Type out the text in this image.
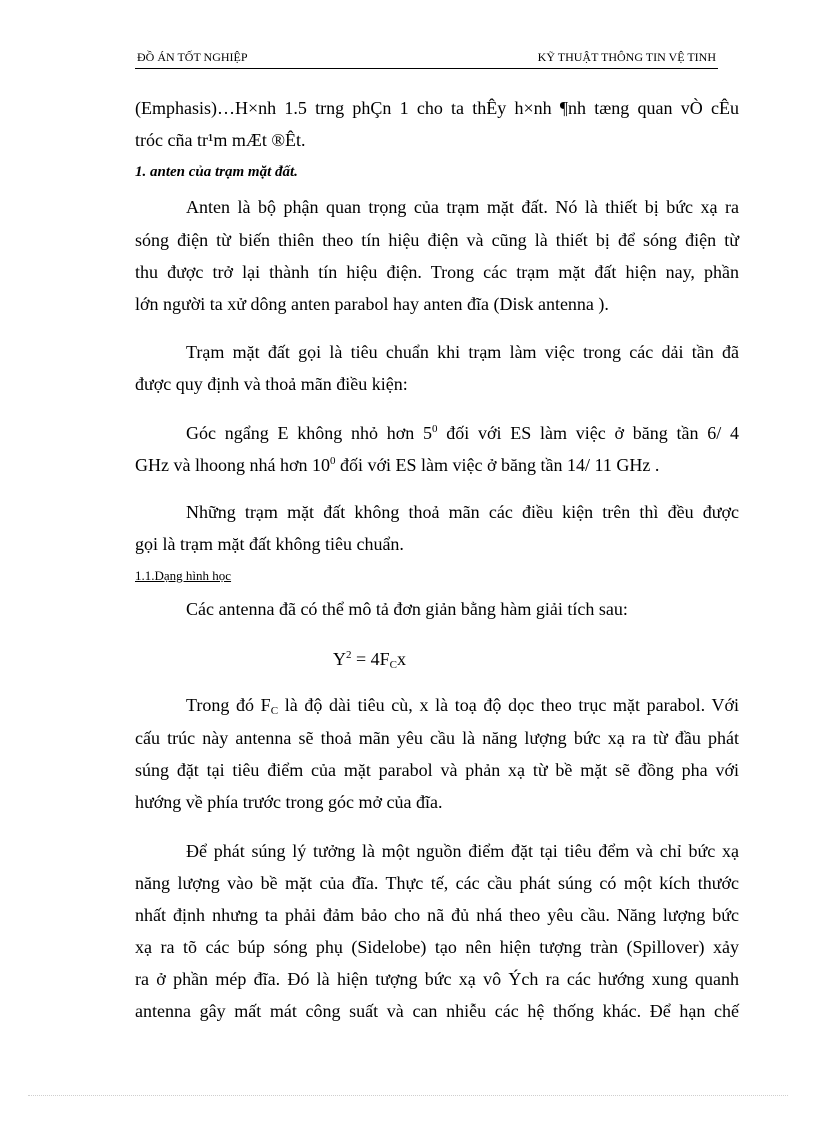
ĐỒ ÁN TỐT NGHIỆP	KỸ THUẬT THÔNG TIN VỆ TINH
(Emphasis)…H×nh 1.5 trng phÇn 1 cho ta thÊy h×nh ¶nh tæng quan vÒ cÊu
tróc cña tr¹m mÆt ®Êt.
1. anten của trạm mặt đất.
Anten là bộ phận quan trọng của trạm mặt đất. Nó là thiết bị bức xạ ra
sóng điện từ biến thiên theo tín hiệu điện và cũng là thiết bị để sóng điện từ
thu được trở lại thành tín hiệu điện. Trong các trạm mặt đất hiện nay, phần
lớn người ta xử dông anten parabol hay anten đĩa (Disk antenna ).
Trạm mặt đất gọi là tiêu chuẩn khi trạm làm việc trong các dải tần đã
được quy định và thoả mãn điều kiện:
Góc ngẩng E không nhỏ hơn $5^0$ đối với ES làm việc ở băng tần 6/ 4
GHz và lhoong nhá hơn $10^0$ đối với ES làm việc ở băng tần 14/ 11 GHz .
Những trạm mặt đất không thoả mãn các điều kiện trên thì đều được
gọi là trạm mặt đất không tiêu chuẩn.
1.1.Dạng hình học
Các antenna đã có thể mô tả đơn giản bằng hàm giải tích sau:
$Y^2 = 4F_Cx$
Trong đó $F_C$ là độ dài tiêu cù, x là toạ độ dọc theo trục mặt parabol. Với
cấu trúc này antenna sẽ thoả mãn yêu cầu là năng lượng bức xạ ra từ đầu phát
súng đặt tại tiêu điểm của mặt parabol và phản xạ từ bề mặt sẽ đồng pha với
hướng về phía trước trong góc mở của đĩa.
Để phát súng lý tưởng là một nguồn điểm đặt tại tiêu đểm và chỉ bức xạ
năng lượng vào bề mặt của đĩa. Thực tế, các cầu phát súng có một kích thước
nhất định nhưng ta phải đảm bảo cho nã đủ nhá theo yêu cầu. Năng lượng bức
xạ ra tõ các búp sóng phụ (Sidelobe) tạo nên hiện tượng tràn (Spillover) xảy
ra ở phần mép đĩa. Đó là hiện tượng bức xạ vô Ých ra các hướng xung quanh
antenna gây mất mát công suất và can nhiễu các hệ thống khác. Để hạn chế
